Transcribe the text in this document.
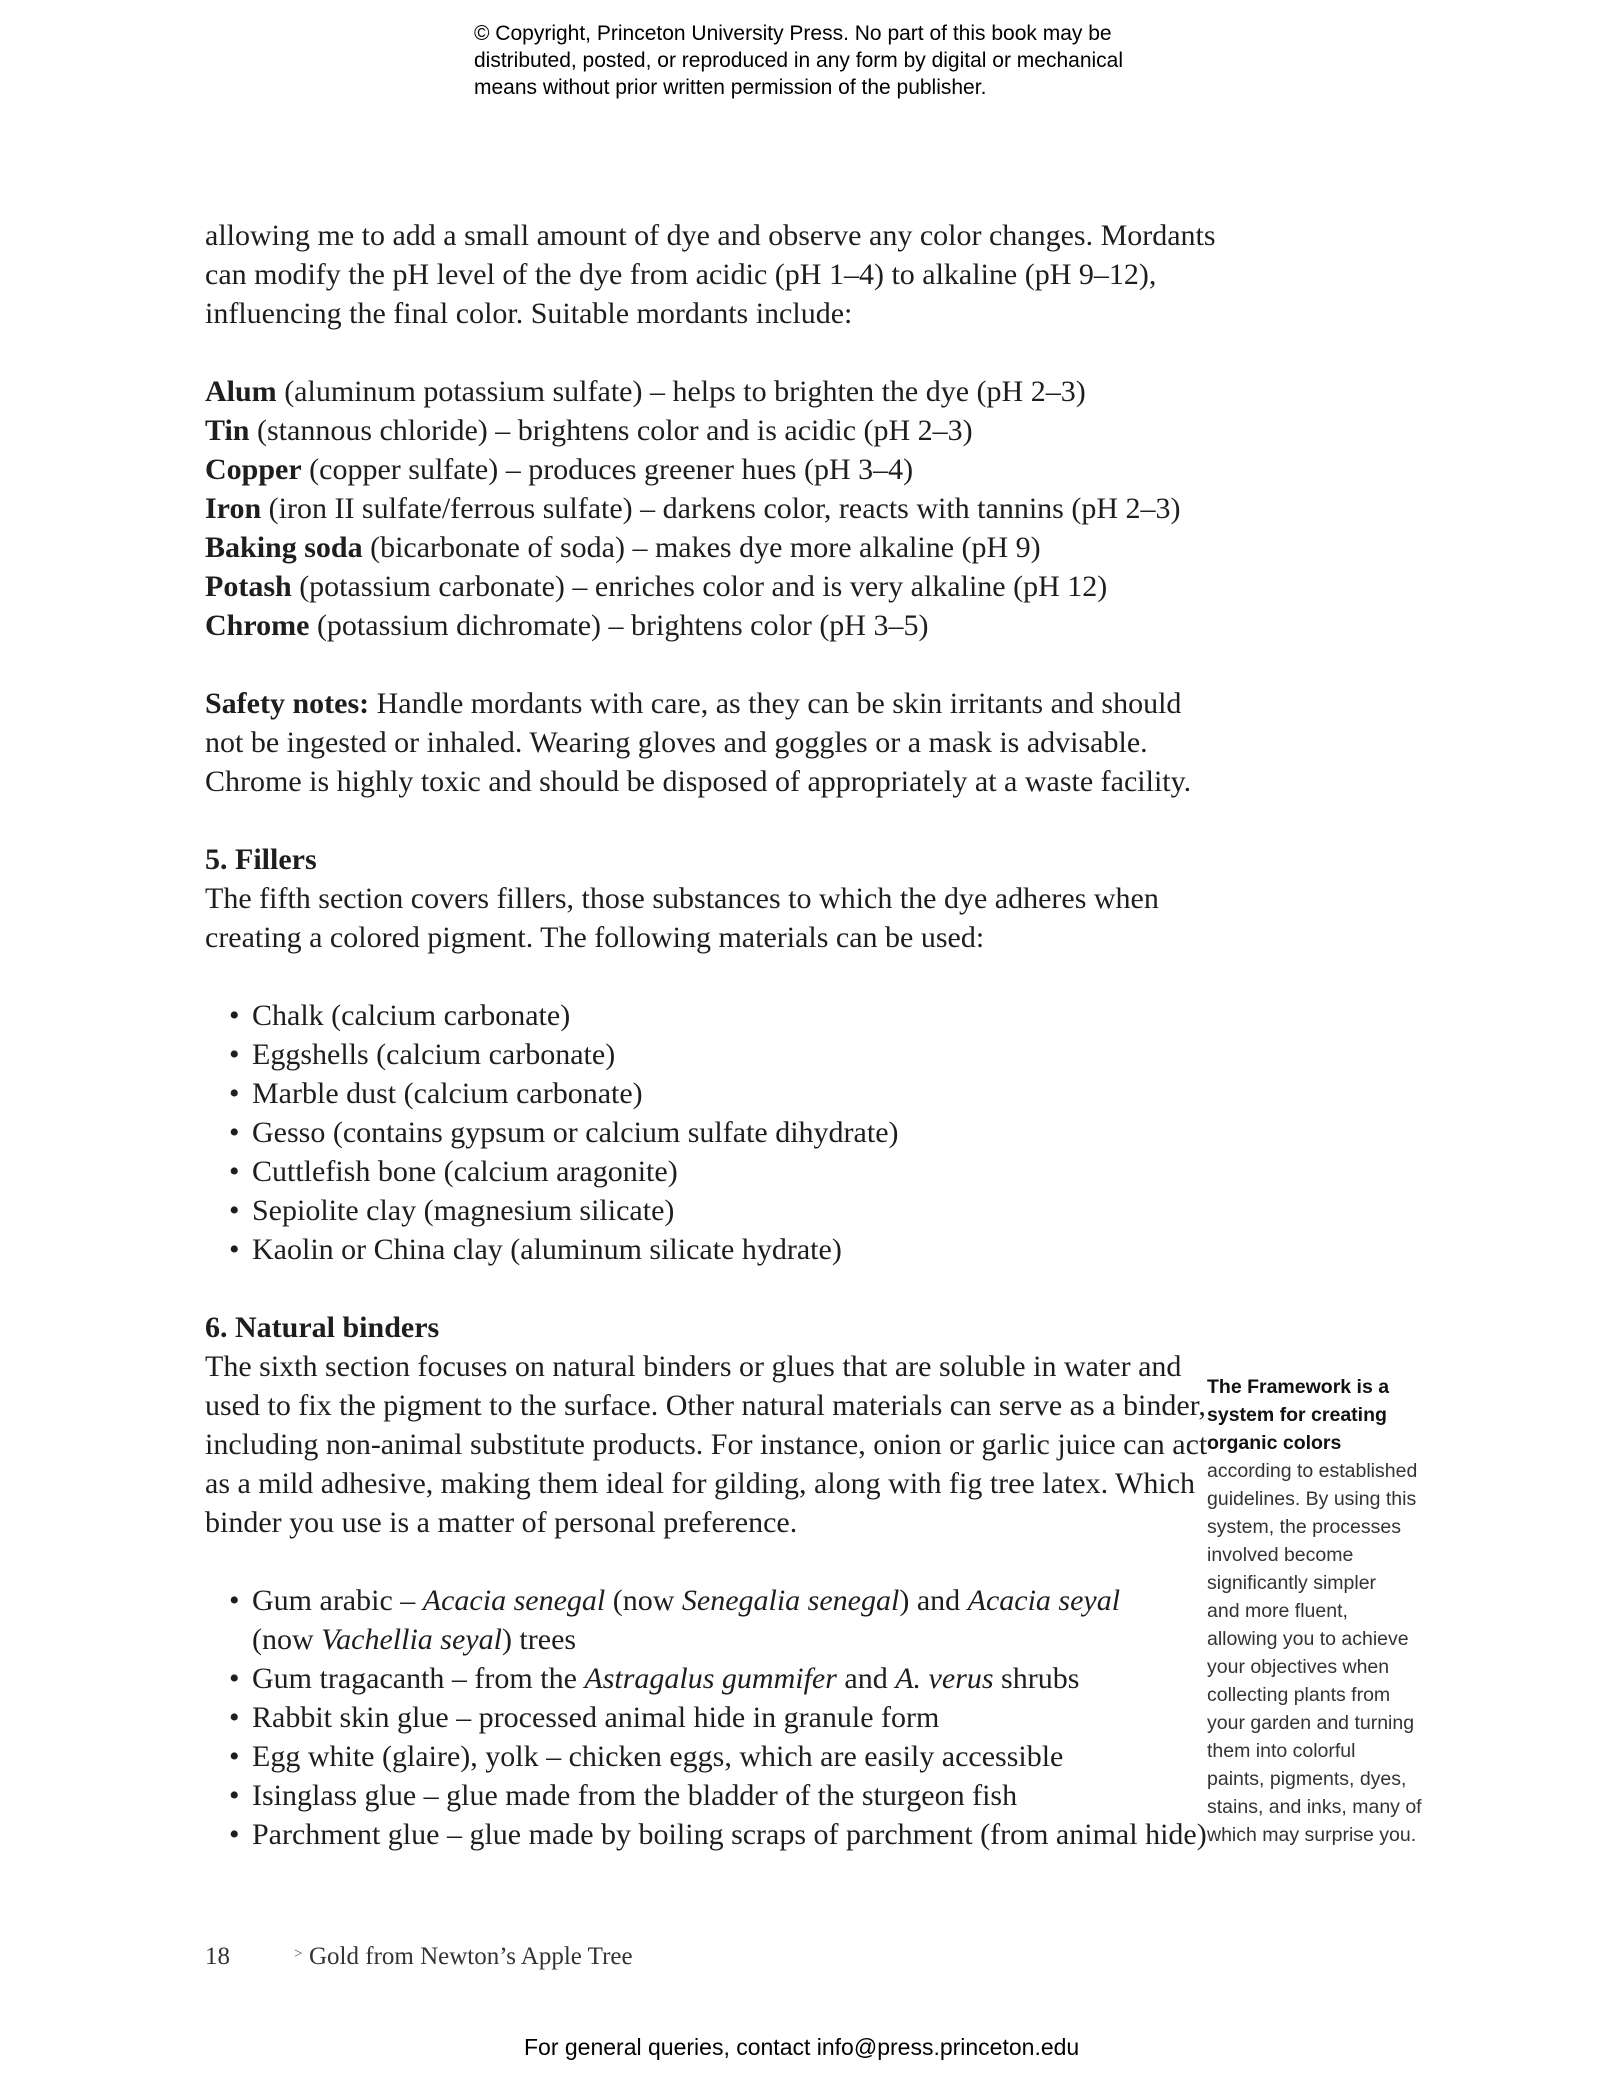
© Copyright, Princeton University Press. No part of this book may be
distributed, posted, or reproduced in any form by digital or mechanical
means without prior written permission of the publisher.
allowing me to add a small amount of dye and observe any color changes. Mordants
can modify the pH level of the dye from acidic (pH 1–4) to alkaline (pH 9–12),
influencing the final color. Suitable mordants include:
Alum (aluminum potassium sulfate) – helps to brighten the dye (pH 2–3)
Tin (stannous chloride) – brightens color and is acidic (pH 2–3)
Copper (copper sulfate) – produces greener hues (pH 3–4)
Iron (iron II sulfate/ferrous sulfate) – darkens color, reacts with tannins (pH 2–3)
Baking soda (bicarbonate of soda) – makes dye more alkaline (pH 9)
Potash (potassium carbonate) – enriches color and is very alkaline (pH 12)
Chrome (potassium dichromate) – brightens color (pH 3–5)
Safety notes: Handle mordants with care, as they can be skin irritants and should
not be ingested or inhaled. Wearing gloves and goggles or a mask is advisable.
Chrome is highly toxic and should be disposed of appropriately at a waste facility.
5. Fillers
The fifth section covers fillers, those substances to which the dye adheres when
creating a colored pigment. The following materials can be used:
• Chalk (calcium carbonate)
• Eggshells (calcium carbonate)
• Marble dust (calcium carbonate)
• Gesso (contains gypsum or calcium sulfate dihydrate)
• Cuttlefish bone (calcium aragonite)
• Sepiolite clay (magnesium silicate)
• Kaolin or China clay (aluminum silicate hydrate)
6. Natural binders
The sixth section focuses on natural binders or glues that are soluble in water and
used to fix the pigment to the surface. Other natural materials can serve as a binder,
including non-animal substitute products. For instance, onion or garlic juice can act
as a mild adhesive, making them ideal for gilding, along with fig tree latex. Which
binder you use is a matter of personal preference.
• Gum arabic – Acacia senegal (now Senegalia senegal) and Acacia seyal
(now Vachellia seyal) trees
• Gum tragacanth – from the Astragalus gummifer and A. verus shrubs
• Rabbit skin glue – processed animal hide in granule form
• Egg white (glaire), yolk – chicken eggs, which are easily accessible
• Isinglass glue – glue made from the bladder of the sturgeon fish
• Parchment glue – glue made by boiling scraps of parchment (from animal hide)
The Framework is a
system for creating
organic colors
according to established
guidelines. By using this
system, the processes
involved become
significantly simpler
and more fluent,
allowing you to achieve
your objectives when
collecting plants from
your garden and turning
them into colorful
paints, pigments, dyes,
stains, and inks, many of
which may surprise you.
18	> Gold from Newton’s Apple Tree
For general queries, contact info@press.princeton.edu
